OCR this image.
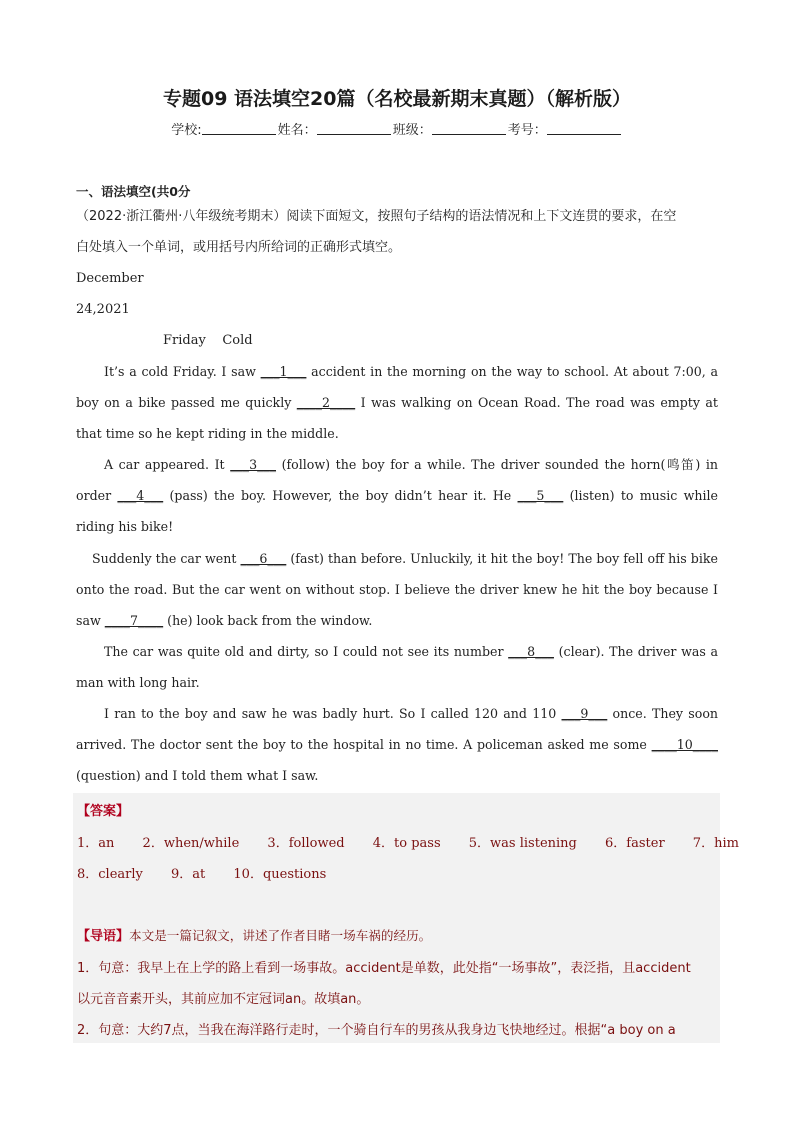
专题09 语法填空20篇（名校最新期末真题）（解析版）
学校:	姓名：	班级：	考号：
一、语法填空(共0分
（2022·浙江衢州·八年级统考期末）阅读下面短文，按照句子结构的语法情况和上下文连贯的要求，在空
白处填入一个单词，或用括号内所给词的正确形式填空。
December
24,2021
Friday    Cold

It’s a cold Friday. I saw ___1___ accident in the morning on the way to school. At about 7:00, a boy on a bike passed me quickly ____2____ I was walking on Ocean Road. The road was empty at that time so he kept riding in the middle.

A car appeared. It ___3___ (follow) the boy for a while. The driver sounded the horn(鸣笛) in order ___4___ (pass) the boy. However, the boy didn’t hear it. He ___5___ (listen) to music while riding his bike!

Suddenly the car went ___6___ (fast) than before. Unluckily, it hit the boy! The boy fell off his bike onto the road. But the car went on without stop. I believe the driver knew he hit the boy because I saw ____7____ (he) look back from the window.

The car was quite old and dirty, so I could not see its number ___8___ (clear). The driver was a man with long hair.

I ran to the boy and saw he was badly hurt. So I called 120 and 110 ___9___ once. They soon arrived. The doctor sent the boy to the hospital in no time. A policeman asked me some ____10____ (question) and I told them what I saw.

【答案】
1．an 2．when/while 3．followed 4．to pass 5．was listening 6．faster 7．him
8．clearly 9．at 10．questions
【导语】本文是一篇记叙文，讲述了作者目睹一场车祸的经历。
1．句意：我早上在上学的路上看到一场事故。accident是单数，此处指“一场事故”，表泛指，且accident
以元音音素开头，其前应加不定冠词an。故填an。
2．句意：大约7点，当我在海洋路行走时，一个骑自行车的男孩从我身边飞快地经过。根据“a boy on a
